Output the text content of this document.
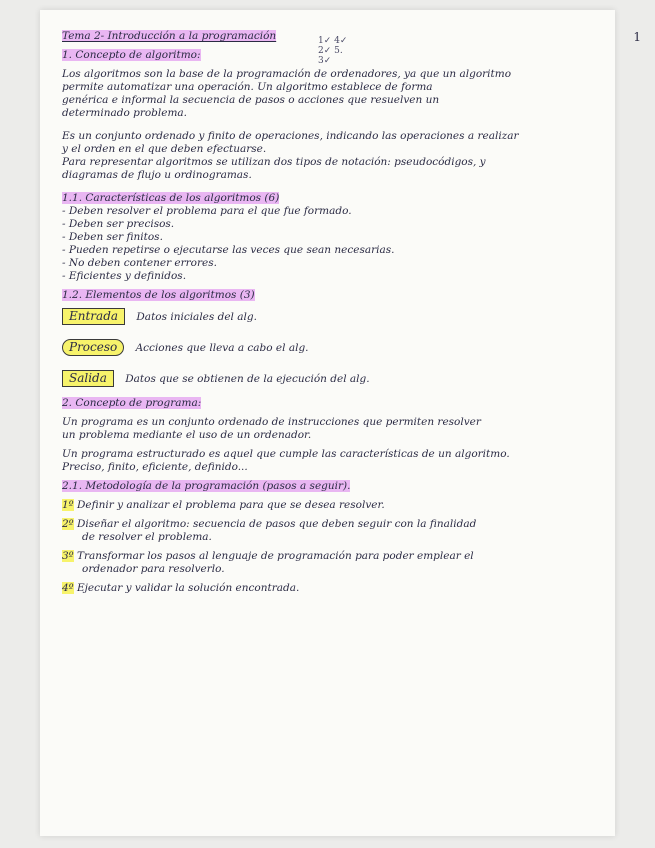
1
1✓ 4✓
2✓ 5.
3✓
Tema 2- Introducción a la programación
1. Concepto de algoritmo:
Los algoritmos son la base de la programación de ordenadores, ya que un algoritmo
permite automatizar una operación. Un algoritmo establece de forma
genérica e informal la secuencia de pasos o acciones que resuelven un
determinado problema.
Es un conjunto ordenado y finito de operaciones, indicando las operaciones a realizar
y el orden en el que deben efectuarse.
Para representar algoritmos se utilizan dos tipos de notación: pseudocódigos, y
diagramas de flujo u ordinogramas.
1.1. Características de los algoritmos (6)
- Deben resolver el problema para el que fue formado.
- Deben ser precisos.
- Deben ser finitos.
- Pueden repetirse o ejecutarse las veces que sean necesarias.
- No deben contener errores.
- Eficientes y definidos.
1.2. Elementos de los algoritmos (3)
Entrada Datos iniciales del alg.
Proceso Acciones que lleva a cabo el alg.
Salida Datos que se obtienen de la ejecución del alg.
2. Concepto de programa:
Un programa es un conjunto ordenado de instrucciones que permiten resolver
un problema mediante el uso de un ordenador.
Un programa estructurado es aquel que cumple las características de un algoritmo.
Preciso, finito, eficiente, definido...
2.1. Metodología de la programación (pasos a seguir).
1º Definir y analizar el problema para que se desea resolver.
2º Diseñar el algoritmo: secuencia de pasos que deben seguir con la finalidad
de resolver el problema.
3º Transformar los pasos al lenguaje de programación para poder emplear el
ordenador para resolverlo.
4º Ejecutar y validar la solución encontrada.
